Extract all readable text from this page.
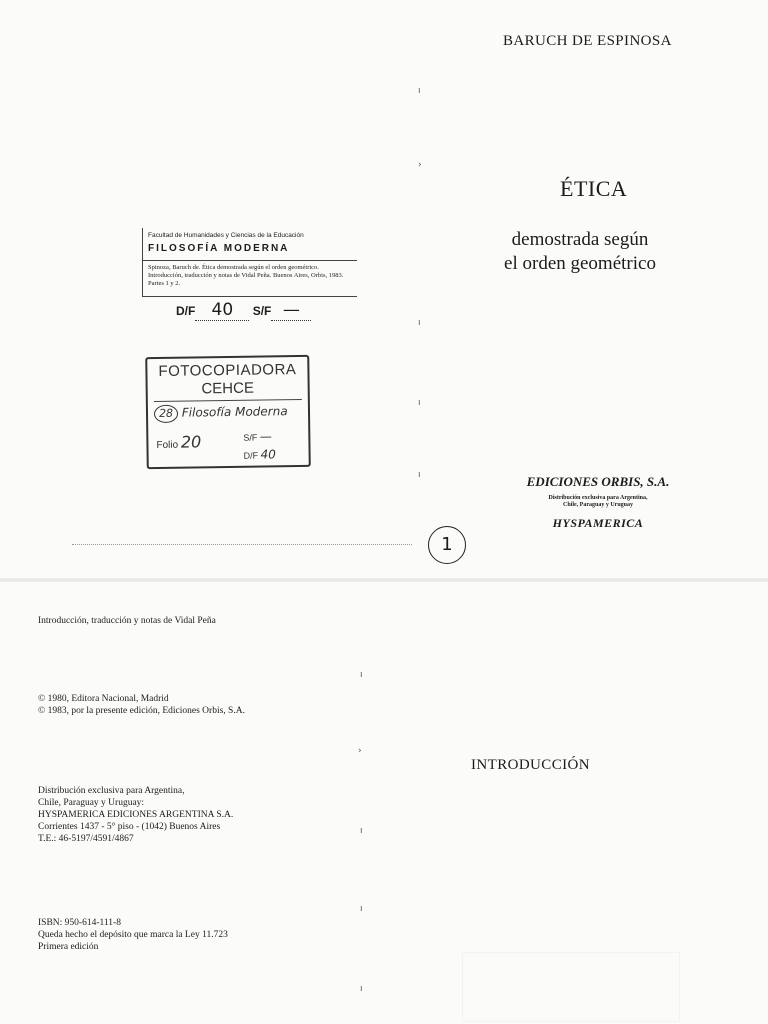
ı
›
ı
ı
ı
ı
›
ı
ı
ı
BARUCH DE ESPINOSA
ÉTICA
demostrada según
el orden geométrico
EDICIONES ORBIS, S.A.
Distribución exclusiva para Argentina,
Chile, Paraguay y Uruguay
HYSPAMERICA
Facultad de Humanidades y Ciencias de la Educación
FILOSOFÍA MODERNA
Spinoza, Baruch de. Ética demostrada según el orden geométrico. Introducción, traducción y notas de Vidal Peña. Buenos Aires, Orbis, 1983. Partes 1 y 2.
D/F 40 S/F —
FOTOCOPIADORA
CEHCE
28 Filosofía Moderna
Folio 20	S/F —
D/F 40
1
Introducción, traducción y notas de Vidal Peña
© 1980, Editora Nacional, Madrid
© 1983, por la presente edición, Ediciones Orbis, S.A.
Distribución exclusiva para Argentina,
Chile, Paraguay y Uruguay:
HYSPAMERICA EDICIONES ARGENTINA S.A.
Corrientes 1437 - 5° piso - (1042) Buenos Aires
T.E.: 46-5197/4591/4867
ISBN: 950-614-111-8
Queda hecho el depósito que marca la Ley 11.723
Primera edición
INTRODUCCIÓN
